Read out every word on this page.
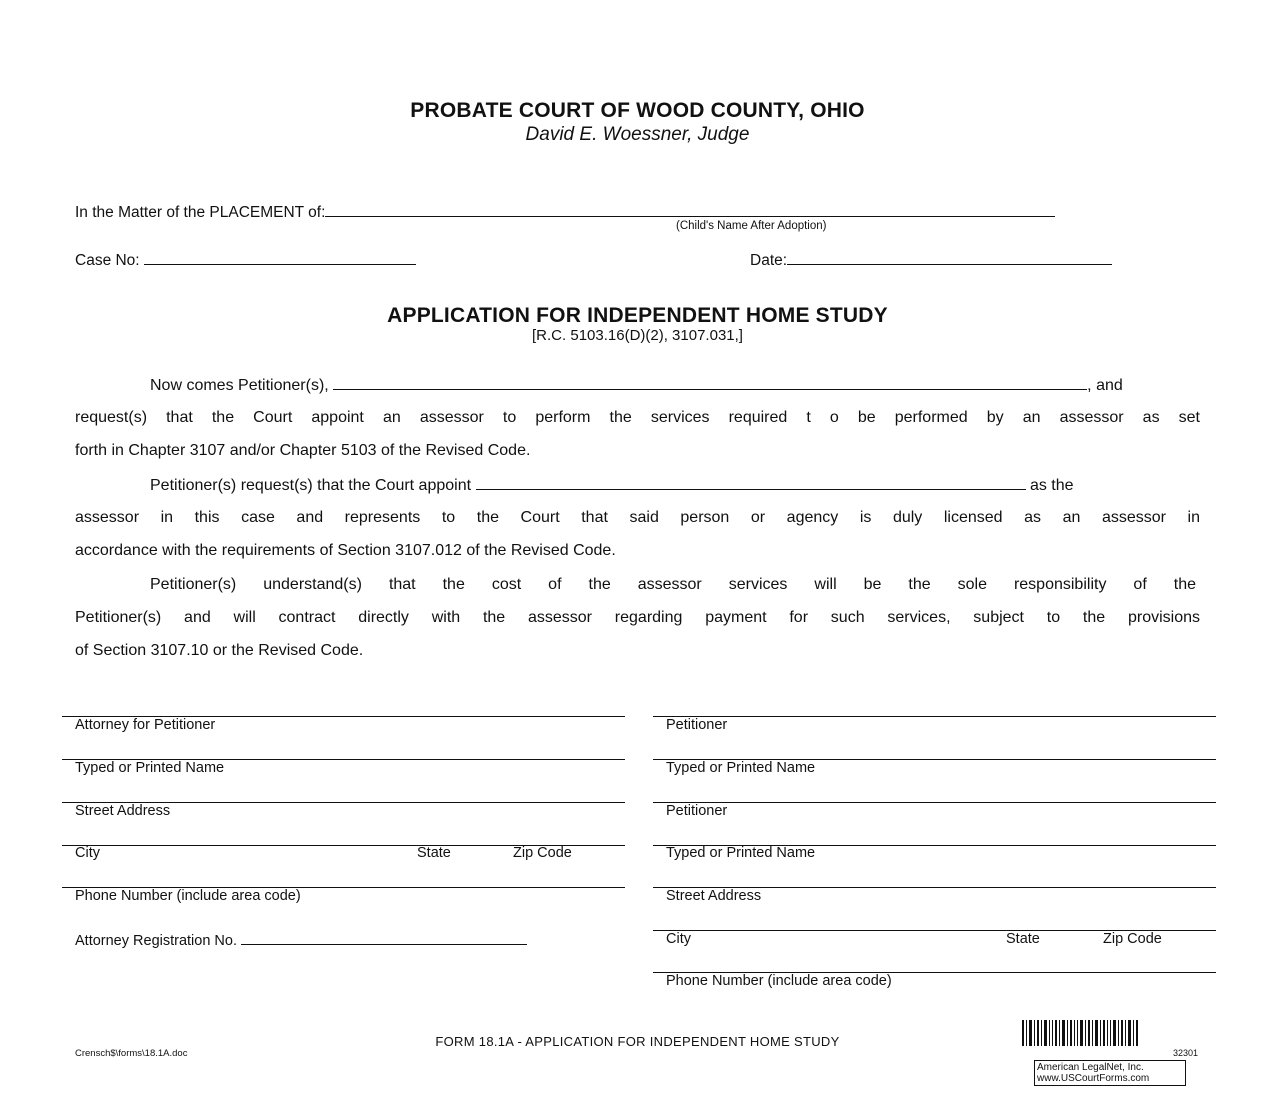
PROBATE COURT OF WOOD COUNTY, OHIO
David E. Woessner, Judge
In the Matter of the PLACEMENT of:
(Child's Name After Adoption)
Case No:	Date:
APPLICATION FOR INDEPENDENT HOME STUDY
[R.C. 5103.16(D)(2), 3107.031,]
Now comes Petitioner(s),	, and
request(s) that the Court appoint an assessor to perform the services required t o be performed by an assessor as set
forth in Chapter 3107 and/or Chapter 5103 of the Revised Code.
Petitioner(s) request(s) that the Court appoint	as the
assessor in this case and represents to the Court that said person or agency is duly licensed as an assessor in
accordance with the requirements of Section 3107.012 of the Revised Code.
Petitioner(s) understand(s) that the cost of the assessor services will be the sole responsibility of the
Petitioner(s) and will contract directly with the assessor regarding payment for such services, subject to the provisions
of Section 3107.10 or the Revised Code.
Attorney for Petitioner
Typed or Printed Name
Street Address
City	State	Zip Code
Phone Number (include area code)
Attorney Registration No.
Petitioner
Typed or Printed Name
Petitioner
Typed or Printed Name
Street Address
City	State	Zip Code
Phone Number (include area code)
FORM 18.1A - APPLICATION FOR INDEPENDENT HOME STUDY
Crensch$\forms\18.1A.doc	32301
American LegalNet, Inc.
www.USCourtForms.com
